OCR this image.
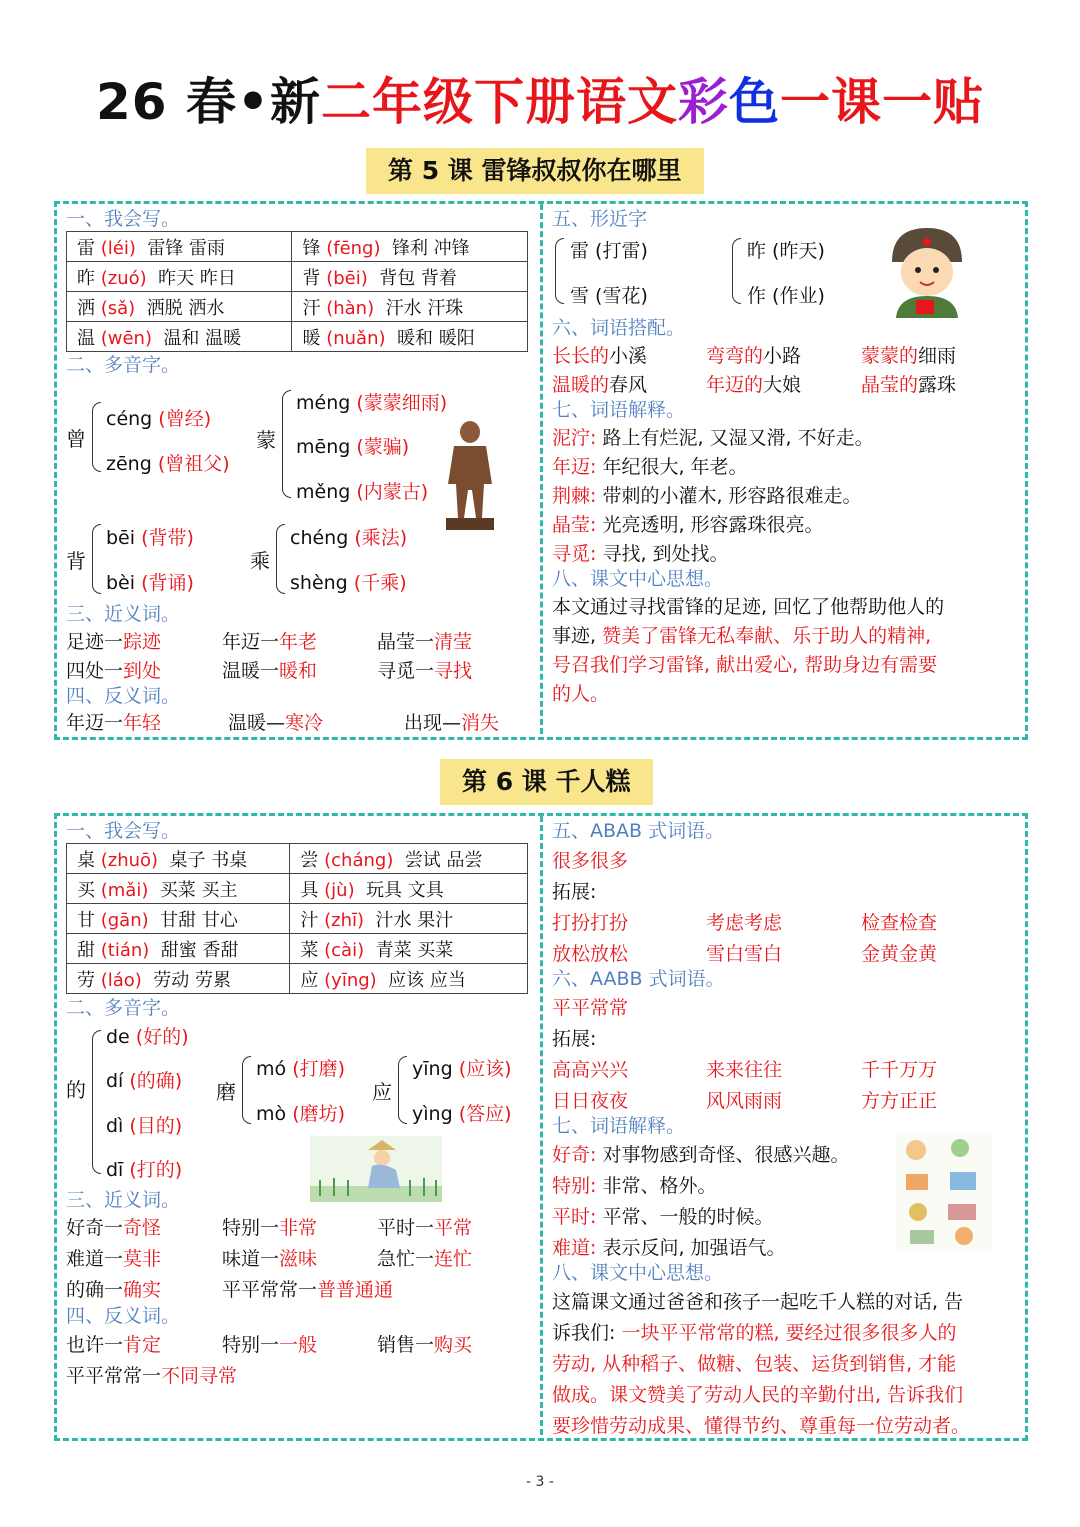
26 春•新二年级下册语文彩色一课一贴
第 5 课 雷锋叔叔你在哪里
一、我会写。
雷 (léi) 雷锋 雷雨	锋 (fēng) 锋利 冲锋
昨 (zuó) 昨天 昨日	背 (bēi) 背包 背着
洒 (sǎ) 洒脱 洒水	汗 (hàn) 汗水 汗珠
温 (wēn) 温和 温暖	暖 (nuǎn) 暖和 暖阳
二、多音字。
曾
céng (曾经)
zēng (曾祖父)
蒙
méng (蒙蒙细雨)
mēng (蒙骗)
měng (内蒙古)
背
bēi (背带)
bèi (背诵)
乘
chéng (乘法)
shèng (千乘)
三、近义词。
足迹一踪迹	年迈一年老	晶莹一清莹
四处一到处	温暖一暖和	寻觅一寻找
四、反义词。
年迈一年轻	温暖—寒冷	出现—消失
五、形近字
雷 (打雷)
雪 (雪花)
昨 (昨天)
作 (作业)
六、词语搭配。
长长的小溪	弯弯的小路	蒙蒙的细雨
温暖的春风	年迈的大娘	晶莹的露珠
七、词语解释。
泥泞: 路上有烂泥, 又湿又滑, 不好走。
年迈: 年纪很大, 年老。
荆棘: 带刺的小灌木, 形容路很难走。
晶莹: 光亮透明, 形容露珠很亮。
寻觅: 寻找, 到处找。
八、课文中心思想。
本文通过寻找雷锋的足迹, 回忆了他帮助他人的
事迹, 赞美了雷锋无私奉献、乐于助人的精神,
号召我们学习雷锋, 献出爱心, 帮助身边有需要
的人。
第 6 课 千人糕
一、我会写。
桌 (zhuō) 桌子 书桌	尝 (cháng) 尝试 品尝
买 (mǎi) 买菜 买主	具 (jù) 玩具 文具
甘 (gān) 甘甜 甘心	汁 (zhī) 汁水 果汁
甜 (tián) 甜蜜 香甜	菜 (cài) 青菜 买菜
劳 (láo) 劳动 劳累	应 (yīng) 应该 应当
二、多音字。
的
de (好的)
dí (的确)
dì (目的)
dī (打的)
磨
mó (打磨)
mò (磨坊)
应
yīng (应该)
yìng (答应)
三、近义词。
好奇一奇怪	特别一非常	平时一平常
难道一莫非	味道一滋味	急忙一连忙
的确一确实	平平常常一普普通通
四、反义词。
也许一肯定	特别一一般	销售一购买
平平常常一不同寻常
五、ABAB 式词语。
很多很多
拓展:
打扮打扮	考虑考虑	检查检查
放松放松	雪白雪白	金黄金黄
六、AABB 式词语。
平平常常
拓展:
高高兴兴	来来往往	千千万万
日日夜夜	风风雨雨	方方正正
七、词语解释。
好奇: 对事物感到奇怪、很感兴趣。
特别: 非常、格外。
平时: 平常、一般的时候。
难道: 表示反问, 加强语气。
八、课文中心思想。
这篇课文通过爸爸和孩子一起吃千人糕的对话, 告
诉我们: 一块平平常常的糕, 要经过很多很多人的
劳动, 从种稻子、做糖、包装、运货到销售, 才能
做成。课文赞美了劳动人民的辛勤付出, 告诉我们
要珍惜劳动成果、懂得节约、尊重每一位劳动者。
- 3 -
